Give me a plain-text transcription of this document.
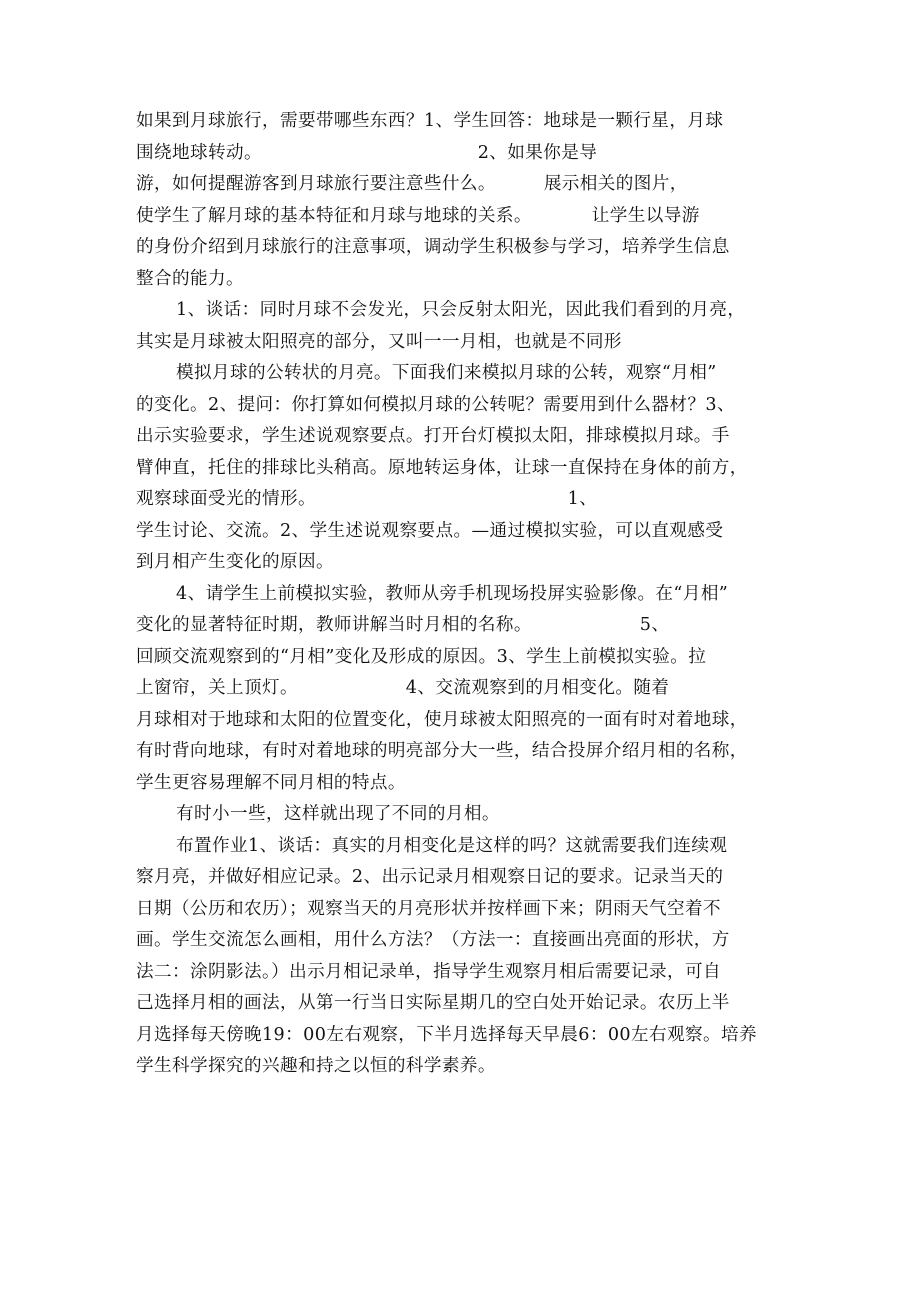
如果到月球旅行，需要带哪些东西？1、学生回答：地球是一颗行星，月球
围绕地球转动。                                    2、如果你是导
游，如何提醒游客到月球旅行要注意些什么。        展示相关的图片，
使学生了解月球的基本特征和月球与地球的关系。          让学生以导游
的身份介绍到月球旅行的注意事项，调动学生积极参与学习，培养学生信息
整合的能力。
1、谈话：同时月球不会发光，只会反射太阳光，因此我们看到的月亮，
其实是月球被太阳照亮的部分，又叫一一月相，也就是不同形
模拟月球的公转状的月亮。下面我们来模拟月球的公转，观察“月相”
的变化。2、提问：你打算如何模拟月球的公转呢？需要用到什么器材？3、
出示实验要求，学生述说观察要点。打开台灯模拟太阳，排球模拟月球。手
臂伸直，托住的排球比头稍高。原地转运身体，让球一直保持在身体的前方，
观察球面受光的情形。                                          1、
学生讨论、交流。2、学生述说观察要点。—通过模拟实验，可以直观感受
到月相产生变化的原因。
4、请学生上前模拟实验，教师从旁手机现场投屏实验影像。在“月相”
变化的显著特征时期，教师讲解当时月相的名称。                  5、
回顾交流观察到的“月相”变化及形成的原因。3、学生上前模拟实验。拉
上窗帘，关上顶灯。                  4、交流观察到的月相变化。随着
月球相对于地球和太阳的位置变化，使月球被太阳照亮的一面有时对着地球，
有时背向地球，有时对着地球的明亮部分大一些，结合投屏介绍月相的名称，
学生更容易理解不同月相的特点。
有时小一些，这样就出现了不同的月相。
布置作业1、谈话：真实的月相变化是这样的吗？这就需要我们连续观
察月亮，并做好相应记录。2、出示记录月相观察日记的要求。记录当天的
日期（公历和农历）；观察当天的月亮形状并按样画下来；阴雨天气空着不
画。学生交流怎么画相，用什么方法？（方法一：直接画出亮面的形状，方
法二：涂阴影法。）出示月相记录单，指导学生观察月相后需要记录，可自
己选择月相的画法，从第一行当日实际星期几的空白处开始记录。农历上半
月选择每天傍晚19：00左右观察，下半月选择每天早晨6：00左右观察。培养
学生科学探究的兴趣和持之以恒的科学素养。
